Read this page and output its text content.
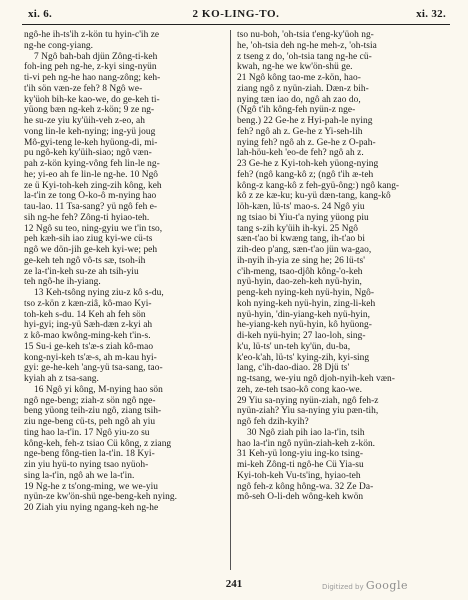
xi. 6.	2 KO-LING-TO.	xi. 32.
ngô-he ih-ts'ih z-kön tu hyin-c'ih ze
ng-he cong-yiang.
7 Ngô bah-bah djün Zông-ti-keh
foh-ing peh ng-he, z-kyi sing-nyün
ti-vi peh ng-he hao nang-zông; keh-
t'ih sön væn-ze feh? 8 Ngô we-
ky'üoh bih-ke kao-we, do ge-keh ti-
yüong bæn ng-keh z-kön; 9 ze ng-
he su-ze yiu ky'üih-veh z-eo, ah
vong lin-le keh-nying; ing-yü joug
Mô-gyi-teng le-keh hyüong-di, mi-
pu ngô-keh ky'üih-siao; ngô væn-
pah z-kön kying-vông feh lin-le ng-
he; yi-eo ah fe lin-le ng-he. 10 Ngô
ze ü Kyi-toh-keh zing-zih kông, keh
la-t'in ze tong Ô-ko-ô m-nying hao
tau-lao. 11 Tsa-sang? yü ngô feh e-
sih ng-he feh? Zông-ti hyiao-teh.
12 Ngô su teo, ning-gyiu we t'in tso,
peh kæh-sih iao ziug kyi-we cü-ts
ngô we dön-jih ge-keh kyi-we; peh
ge-keh teh ngô vô-ts sæ, tsoh-ih
ze la-t'in-keh su-ze ah tsih-yiu
teh ngô-he ih-yiang.
13 Keh-tsông nying ziu-z kô s-du,
tso z-kön z kæn-ziâ, kô-mao Kyi-
toh-keh s-du. 14 Keh ah feh sön
hyi-gyi; ing-yü Sæh-dæn z-kyi ah
z kô-mao kwông-ming-keh t'in-s.
15 Su-i ge-keh ts'æ-s ziah kô-mao
kong-nyi-keh ts'æ-s, ah m-kau hyi-
gyi: ge-he-keh 'ang-yü tsa-sang, tao-
kyiah ah z tsa-sang.
16 Ngô yi kông, M-nying hao sön
ngô nge-beng; ziah-z sön ngô nge-
beng yüong teih-ziu ngô, ziang tsih-
ziu nge-beng cü-ts, peh ngô ah yiu
ting hao la-t'in. 17 Ngô yiu-zo su
kông-keh, feh-z tsiao Cü kông, z ziang
nge-beng fông-tien la-t'in. 18 Kyi-
zin yiu hyü-to nying tsao nyüoh-
sing la-t'in, ngô ah we la-t'in.
19 Ng-he z ts'ong-ming, we we-yiu
nyün-ze kw'ön-shü nge-beng-keh nying.
20 Ziah yiu nying ngang-keh ng-he
tso nu-boh, 'oh-tsia t'eng-ky'üoh ng-
he, 'oh-tsia deh ng-he meh-z, 'oh-tsia
z tseng z do, 'oh-tsia tang ng-he cü-
kwah, ng-he we kw'ön-shü ge.
21 Ngô kông tao-me z-kön, hao-
ziang ngô z nyün-ziah. Dæn-z bih-
nying tæn iao do, ngô ah zao do,
(Ngô t'ih kông-feh nyün-z nge-
beng.) 22 Ge-he z Hyi-pah-le nying
feh? ngô ah z. Ge-he z Yi-seh-lih
nying feh? ngô ah z. Ge-he z Ô-pah-
lah-höu-keh 'eo-de feh? ngô ah z.
23 Ge-he z Kyi-toh-keh yüong-nying
feh? (ngô kang-kô z; (ngô t'ih æ-teh
kông-z kang-kô z feh-gyü-ông:) ngô kang-
kô z ze kæ-ku; ku-yü dæn-tang, kang-kô
löh-kæn, lü-ts' mao-s. 24 Ngô yiu
ng tsiao bi Yiu-t'a nying yüong piu
tang s-zih ky'üih ih-kyi. 25 Ngô
sæn-t'ao bi kwæng tang, ih-t'ao bi
zih-deo p'ang, sæn-t'ao jün wa-gao,
ih-nyih ih-yia ze sing he; 26 lü-ts'
c'ih-meng, tsao-djôh kông-'o-keh
nyü-hyin, dao-zeh-keh nyü-hyin,
peng-keh nying-keh nyü-hyin, Ngô-
koh nying-keh nyü-hyin, zing-li-keh
nyü-hyin, 'din-yiang-keh nyü-hyin,
he-yiang-keh nyü-hyin, kô hyüong-
di-keh nyü-hyin; 27 lao-loh, sing-
k'u, lü-ts' un-teh ky'ün, du-ba,
k'eo-k'ah, lü-ts' kying-zih, kyi-sing
lang, c'ih-dao-diao. 28 Djü ts'
ng-tsang, we-yiu ngô djoh-nyih-keh væn-
zeh, ze-teh tsao-kô cong kao-we.
29 Yiu sa-nying nyün-ziah, ngô feh-z
nyün-ziah? Yiu sa-nying yiu pæn-tih,
ngô feh dzih-kyih?
30 Ngô ziah pih iao la-t'in, tsih
hao la-t'in ngô nyün-ziah-keh z-kön.
31 Keh-yü long-yiu ing-ko tsing-
mi-keh Zông-ti ngô-he Cü Yia-su
Kyi-toh-keh Vu-ts'ing, hyiao-teh
ngô feh-z kông hông-wa. 32 Ze Da-
mô-seh Ô-li-deh wông-keh kwön
241	Digitized by Google
